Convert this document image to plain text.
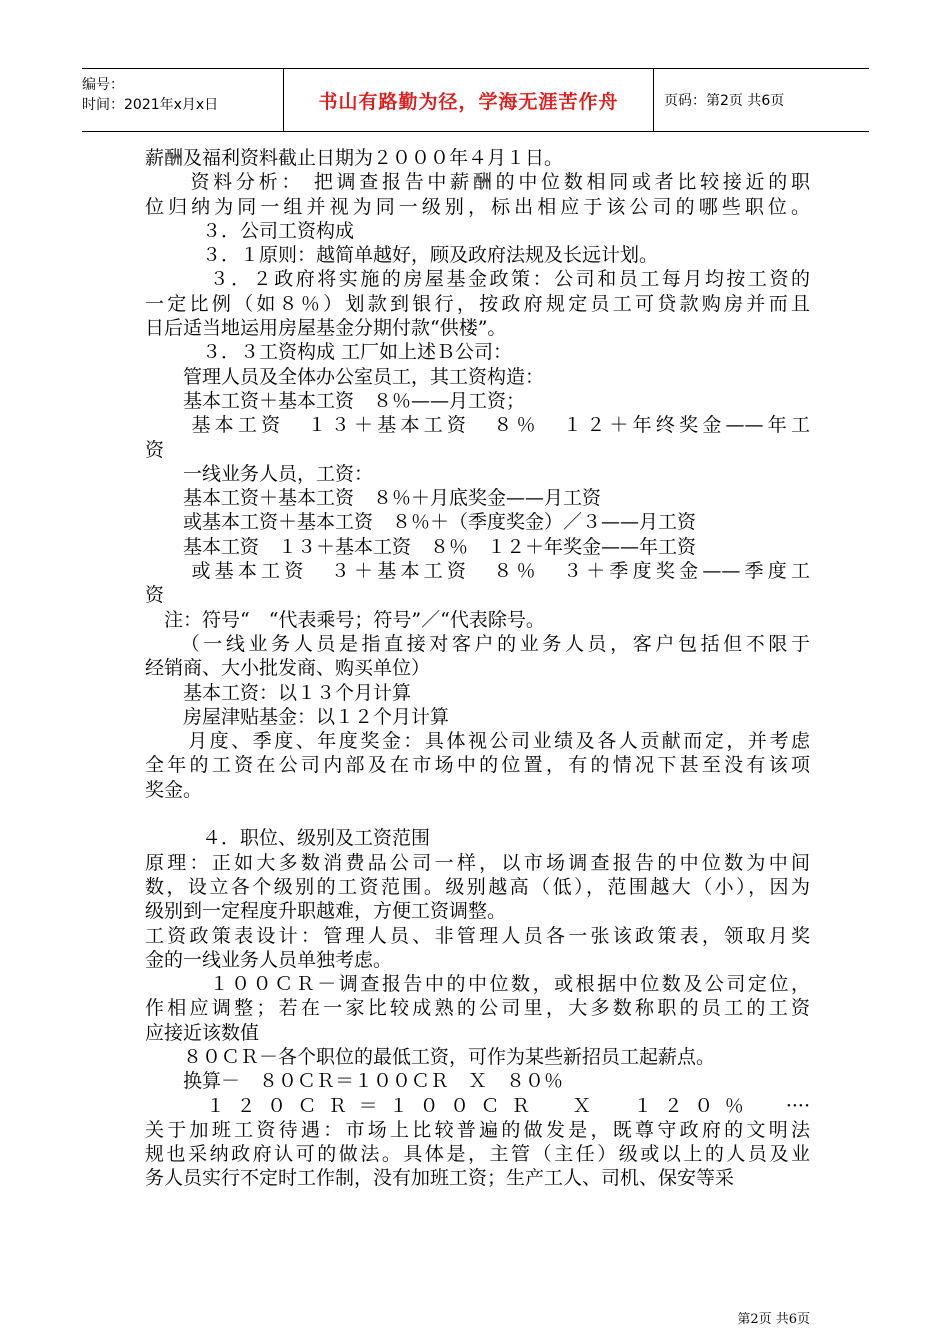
编号：
时间：2021年x月x日	书山有路勤为径，学海无涯苦作舟	页码：第2页 共6页
薪酬及福利资料截止日期为２０００年４月１日。
　　资料分析： 把调查报告中薪酬的中位数相同或者比较接近的职
位归纳为同一组并视为同一级别，标出相应于该公司的哪些职位。
　　　３．公司工资构成
　　　３．１原则：越简单越好，顾及政府法规及长远计划。
　　　３．２政府将实施的房屋基金政策：公司和员工每月均按工资的
一定比例（如８％）划款到银行，按政府规定员工可贷款购房并而且
日后适当地运用房屋基金分期付款“供楼”。
　　　３．３工资构成 工厂如上述Ｂ公司：
　　管理人员及全体办公室员工，其工资构造：
　　基本工资＋基本工资　８％——月工资；
　　基本工资　１３＋基本工资　８％　１２＋年终奖金——年工
资
　　一线业务人员，工资：
　　基本工资＋基本工资　８％＋月底奖金——月工资
　　或基本工资＋基本工资　８％＋（季度奖金）／３——月工资
　　基本工资　１３＋基本工资　８％　１２＋年奖金——年工资
　　或基本工资　３＋基本工资　８％　３＋季度奖金——季度工
资
　注：符号“　“代表乘号；符号”／“代表除号。
　　（一线业务人员是指直接对客户的业务人员，客户包括但不限于
经销商、大小批发商、购买单位）
　　基本工资：以１３个月计算
　　房屋津贴基金：以１２个月计算
　　月度、季度、年度奖金：具体视公司业绩及各人贡献而定，并考虑
全年的工资在公司内部及在市场中的位置，有的情况下甚至没有该项
奖金。
　　　４．职位、级别及工资范围
原理：正如大多数消费品公司一样，以市场调查报告的中位数为中间
数，设立各个级别的工资范围。级别越高（低），范围越大（小），因为
级别到一定程度升职越难，方便工资调整。
工资政策表设计：管理人员、非管理人员各一张该政策表，领取月奖
金的一线业务人员单独考虑。
　　　１００ＣＲ－调查报告中的中位数，或根据中位数及公司定位，
作相应调整；若在一家比较成熟的公司里，大多数称职的员工的工资
应接近该数值
　　８０ＣＲ－各个职位的最低工资，可作为某些新招员工起薪点。
　　换算－　８０ＣＲ＝１００ＣＲ　Ｘ　８０％
　　１２０ＣＲ＝１００ＣＲ　Ｘ　１２０％　····
关于加班工资待遇：市场上比较普遍的做发是，既尊守政府的文明法
规也采纳政府认可的做法。具体是，主管（主任）级或以上的人员及业
务人员实行不定时工作制，没有加班工资；生产工人、司机、保安等采
第2页 共6页
